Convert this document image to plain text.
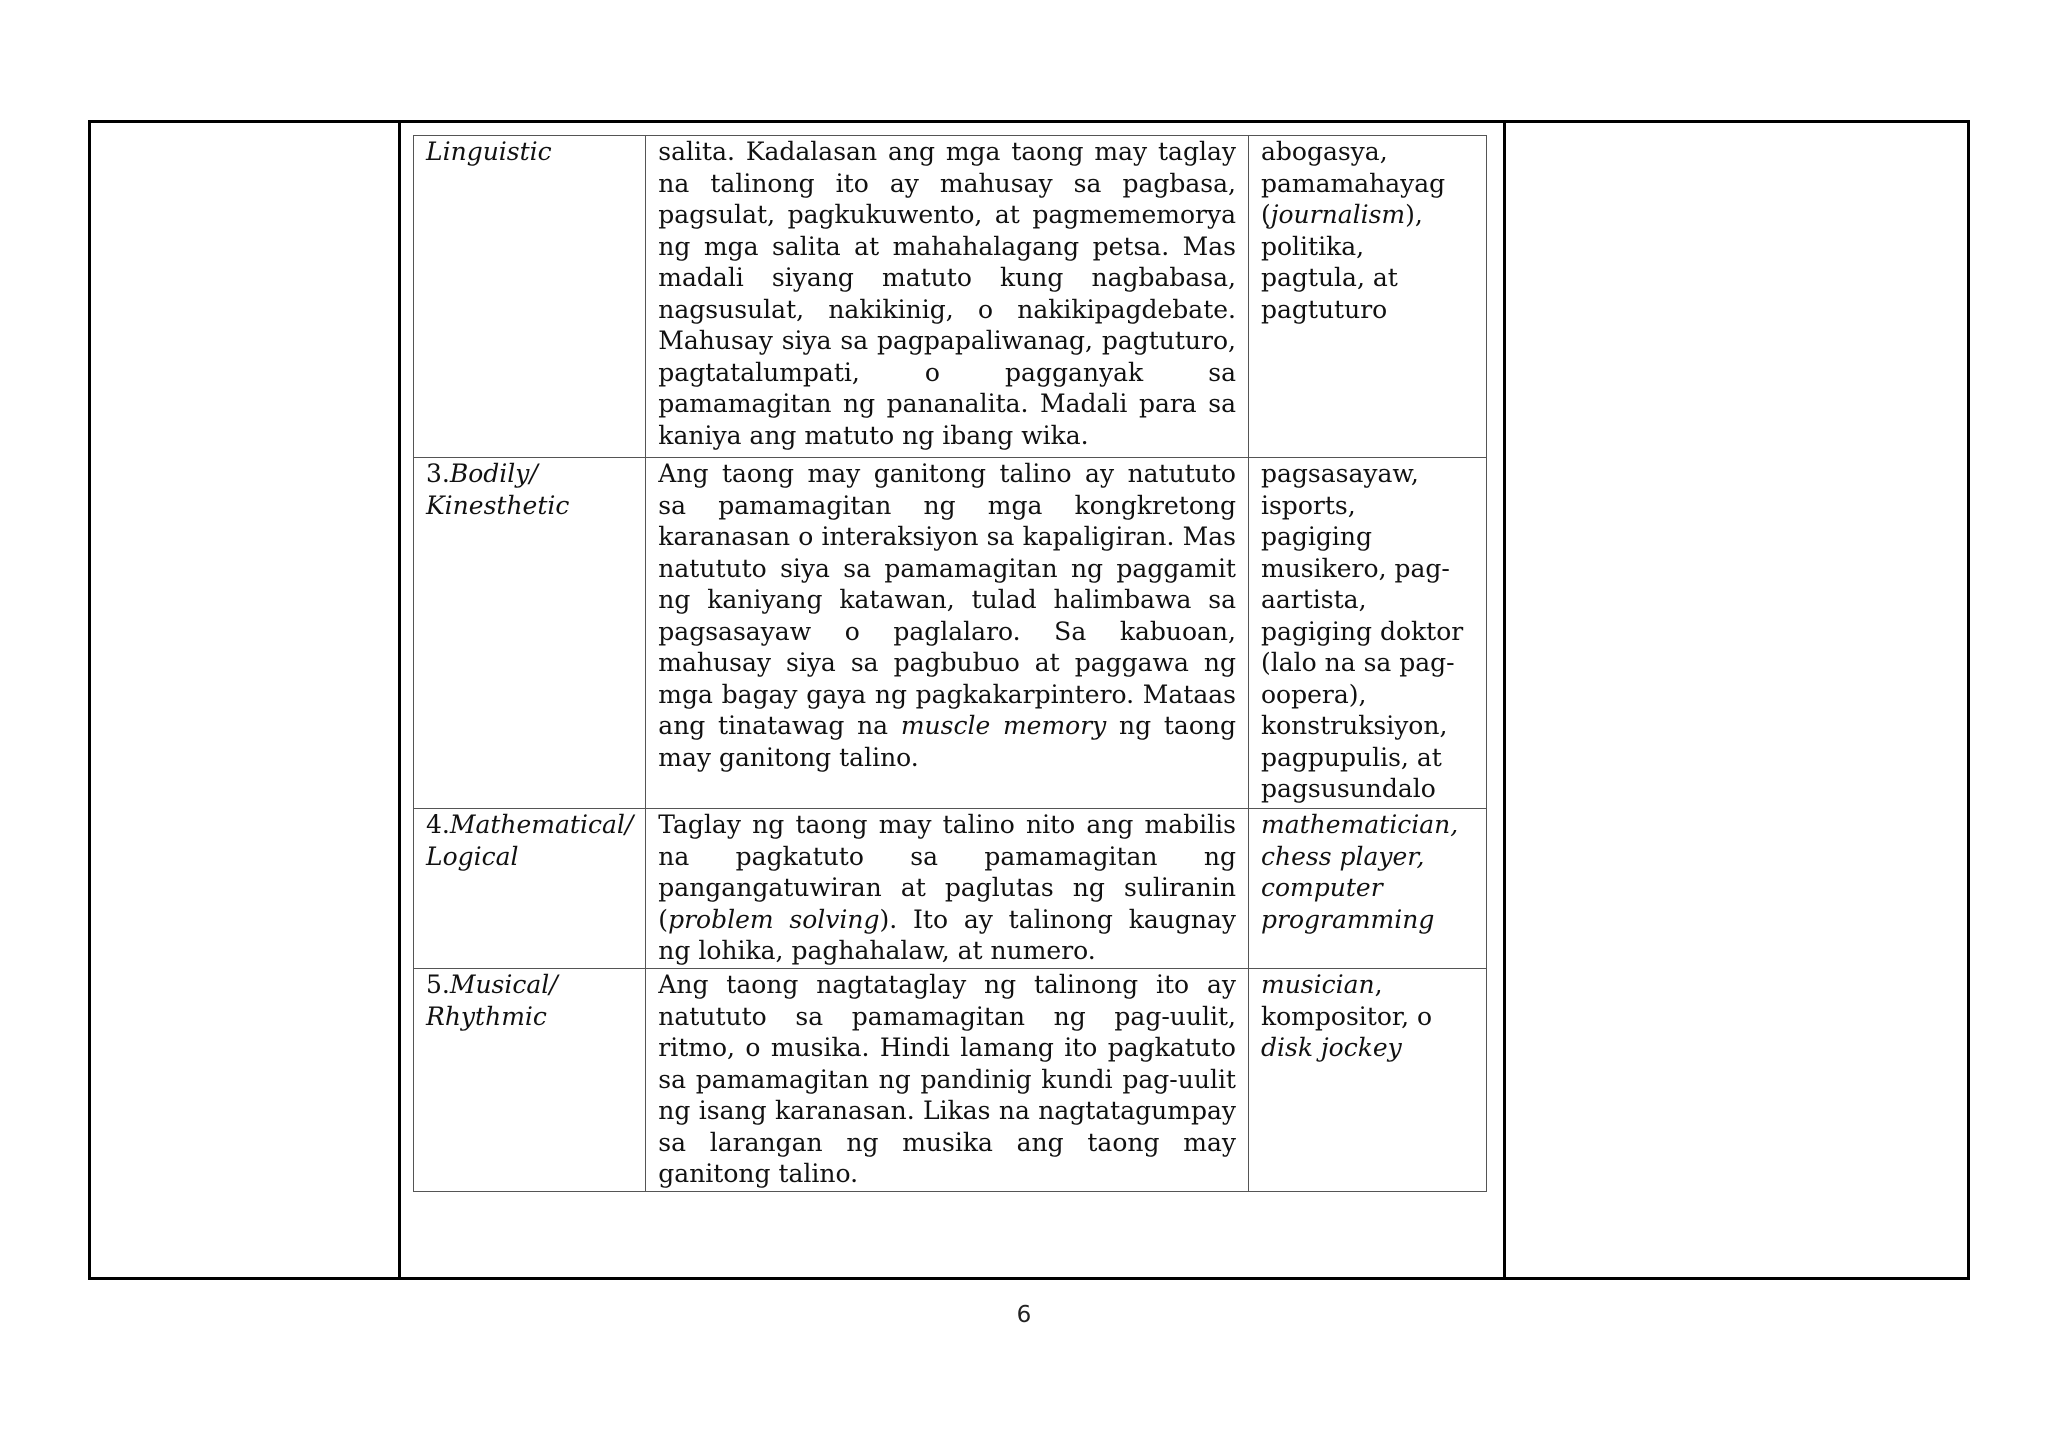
Linguistic	salita. Kadalasan ang mga taong may taglay na talinong ito ay mahusay sa pagbasa, pagsulat, pagkukuwento, at pagmememorya ng mga salita at mahahalagang petsa. Mas madali siyang matuto kung nagbabasa, nagsusulat, nakikinig, o nakikipagdebate. Mahusay siya sa pagpapaliwanag, pagtuturo, pagtatalumpati, o pagganyak sa pamamagitan ng pananalita. Madali para sa kaniya ang matuto ng ibang wika.	abogasya, pamamahayag (journalism), politika, pagtula, at pagtuturo
3.Bodily/ Kinesthetic	Ang taong may ganitong talino ay natututo sa pamamagitan ng mga kongkretong karanasan o interaksiyon sa kapaligiran. Mas natututo siya sa pamamagitan ng paggamit ng kaniyang katawan, tulad halimbawa sa pagsasayaw o paglalaro. Sa kabuoan, mahusay siya sa pagbubuo at paggawa ng mga bagay gaya ng pagkakarpintero. Mataas ang tinatawag na muscle memory ng taong may ganitong talino.	pagsasayaw, isports, pagiging musikero, pag-aartista, pagiging doktor (lalo na sa pag-oopera), konstruksiyon, pagpupulis, at pagsusundalo
4.Mathematical/ Logical	Taglay ng taong may talino nito ang mabilis na pagkatuto sa pamamagitan ng pangangatuwiran at paglutas ng suliranin (problem solving). Ito ay talinong kaugnay ng lohika, paghahalaw, at numero.	mathematician, chess player, computer programming
5.Musical/ Rhythmic	Ang taong nagtataglay ng talinong ito ay natututo sa pamamagitan ng pag-uulit, ritmo, o musika. Hindi lamang ito pagkatuto sa pamamagitan ng pandinig kundi pag-uulit ng isang karanasan. Likas na nagtatagumpay sa larangan ng musika ang taong may ganitong talino.	musician, kompositor, o disk jockey
6
